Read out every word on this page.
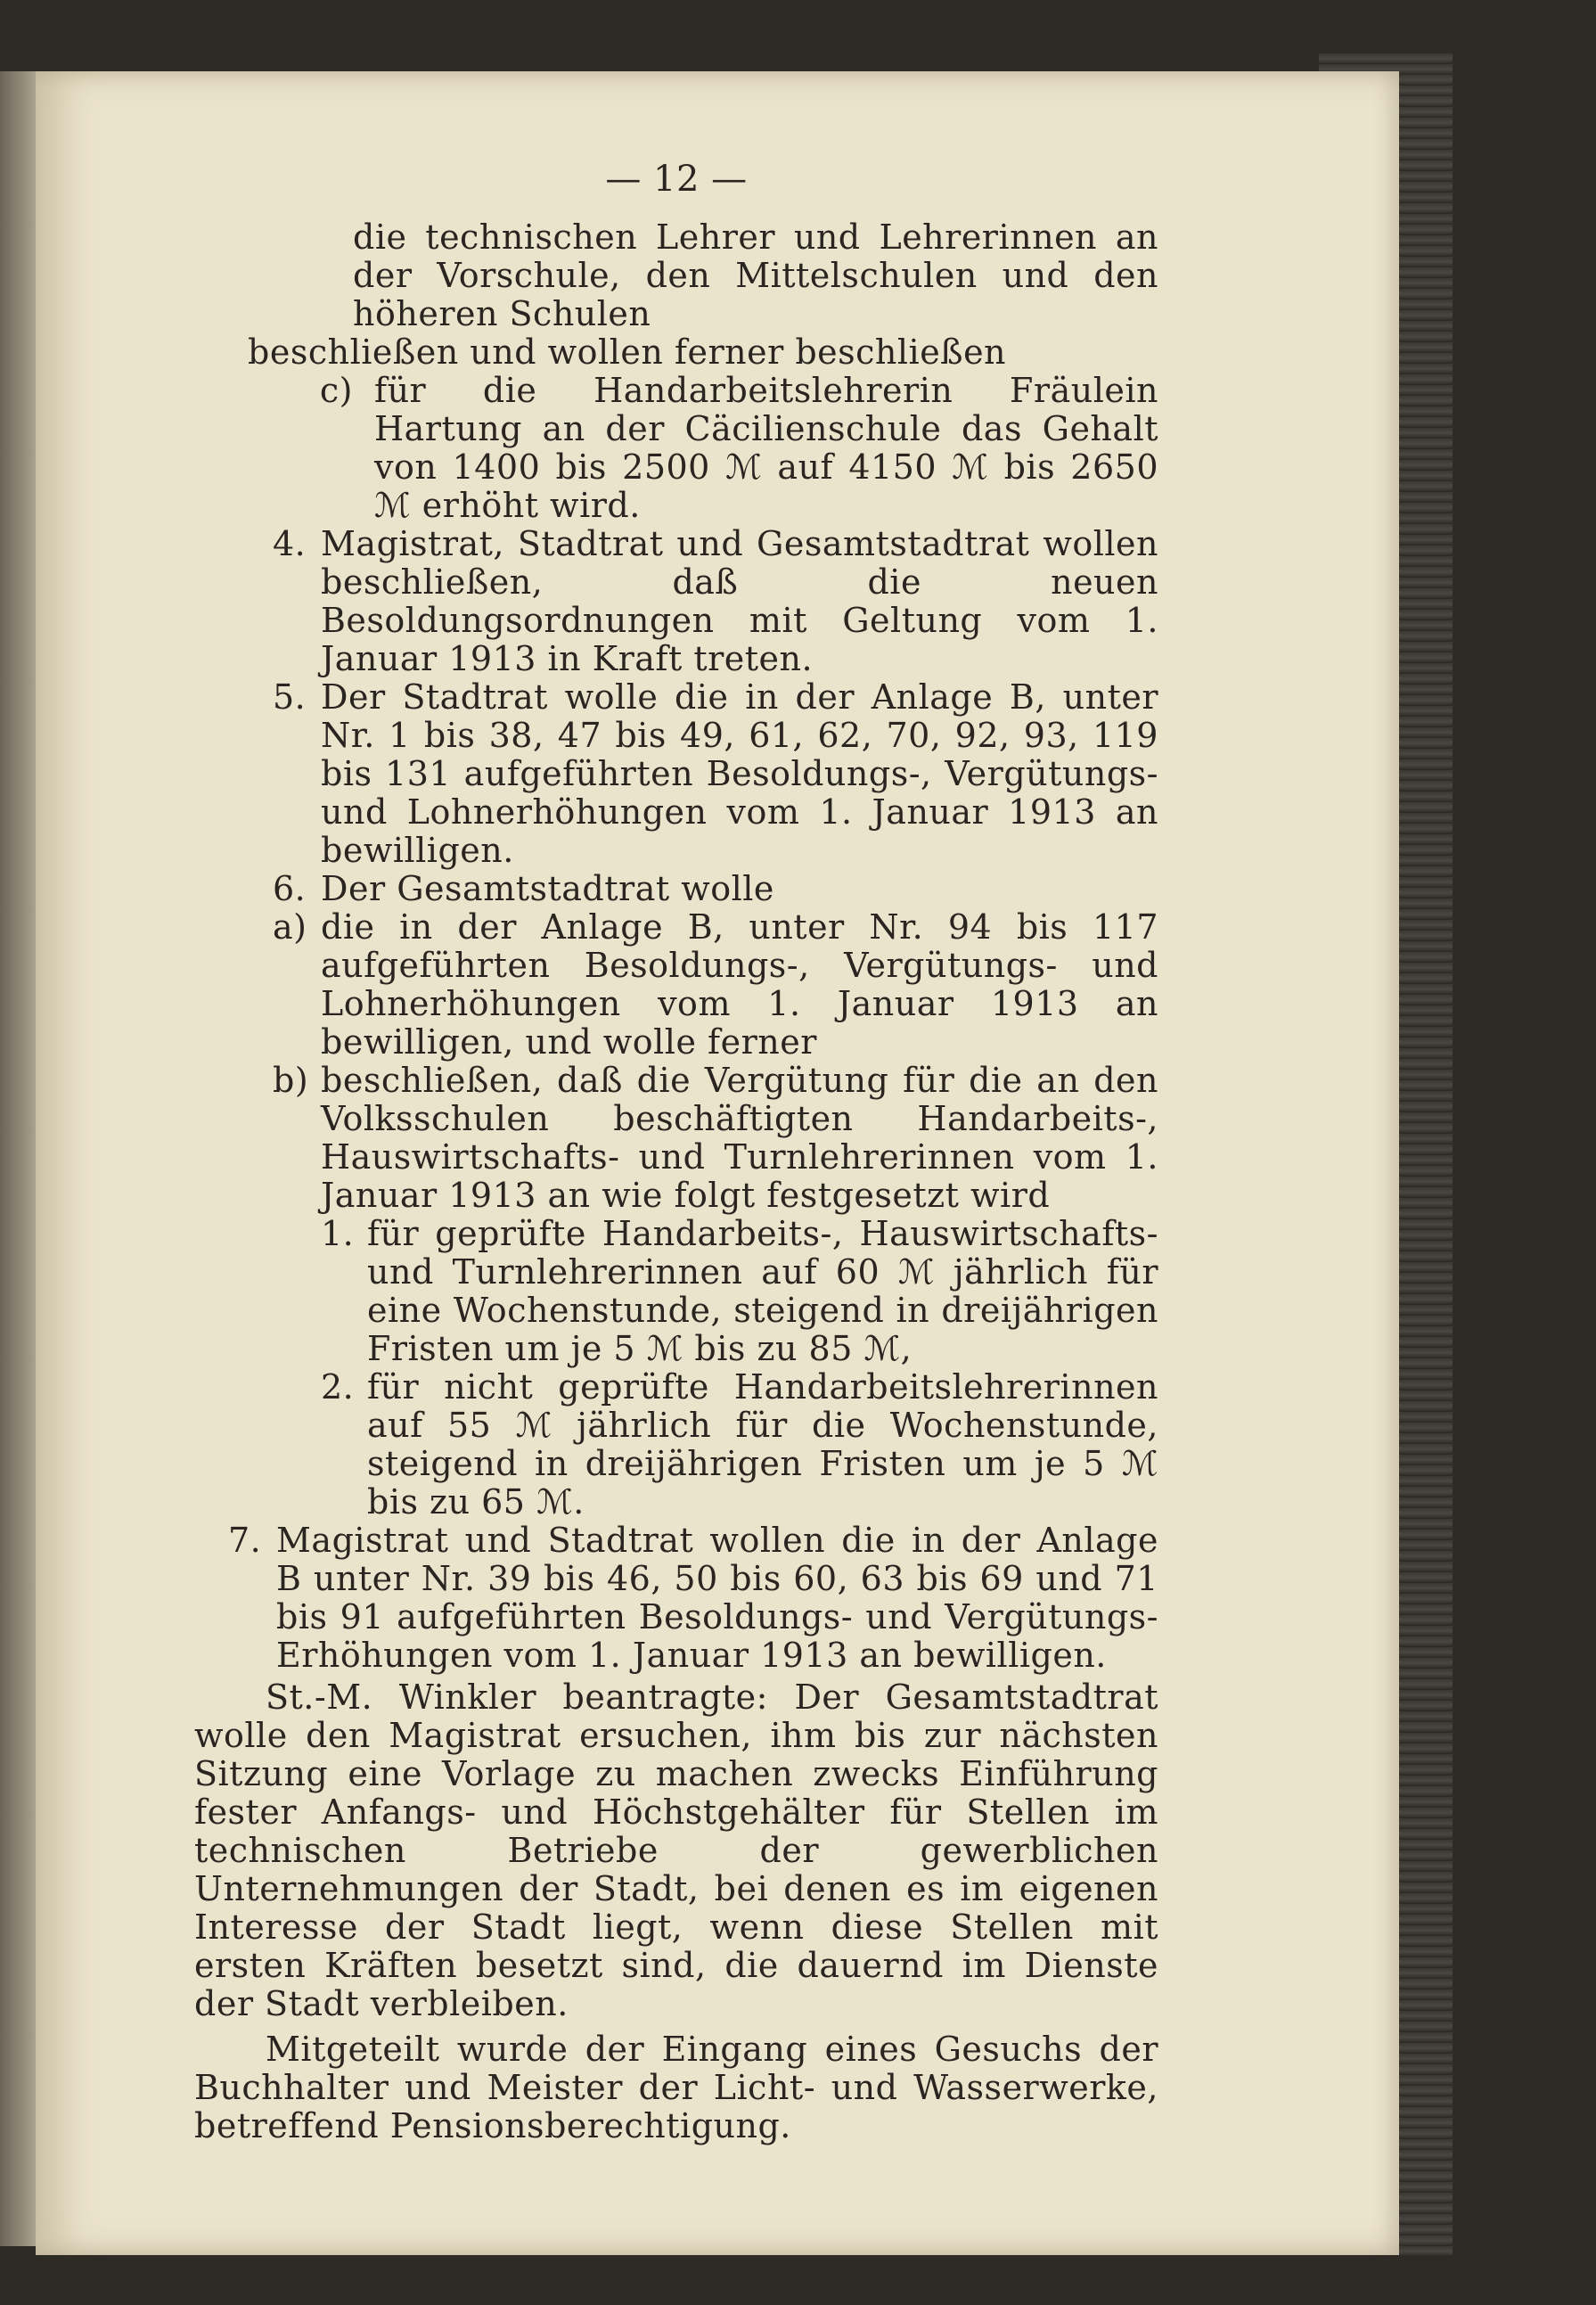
— 12 —

die technischen Lehrer und Lehrerinnen an der Vorschule, den Mittelschulen und den höheren Schulen

beschließen und wollen ferner beschließen

c) für die Handarbeitslehrerin Fräulein Hartung an der Cäcilienschule das Gehalt von 1400 bis 2500 ℳ auf 4150 ℳ bis 2650 ℳ erhöht wird.
4. Magistrat, Stadtrat und Gesamtstadtrat wollen beschließen, daß die neuen Besoldungsordnungen mit Geltung vom 1. Januar 1913 in Kraft treten.
5. Der Stadtrat wolle die in der Anlage B, unter Nr. 1 bis 38, 47 bis 49, 61, 62, 70, 92, 93, 119 bis 131 aufgeführten Besoldungs-, Vergütungs- und Lohnerhöhungen vom 1. Januar 1913 an bewilligen.
6. Der Gesamtstadtrat wolle
a) die in der Anlage B, unter Nr. 94 bis 117 aufgeführten Besoldungs-, Vergütungs- und Lohnerhöhungen vom 1. Januar 1913 an bewilligen, und wolle ferner
b) beschließen, daß die Vergütung für die an den Volksschulen beschäftigten Handarbeits-, Hauswirtschafts- und Turnlehrerinnen vom 1. Januar 1913 an wie folgt festgesetzt wird
1. für geprüfte Handarbeits-, Hauswirtschafts- und Turnlehrerinnen auf 60 ℳ jährlich für eine Wochenstunde, steigend in dreijährigen Fristen um je 5 ℳ bis zu 85 ℳ,
2. für nicht geprüfte Handarbeitslehrerinnen auf 55 ℳ jährlich für die Wochenstunde, steigend in dreijährigen Fristen um je 5 ℳ bis zu 65 ℳ.
7. Magistrat und Stadtrat wollen die in der Anlage B unter Nr. 39 bis 46, 50 bis 60, 63 bis 69 und 71 bis 91 aufgeführten Besoldungs- und Vergütungs-Erhöhungen vom 1. Januar 1913 an bewilligen.

St.-M. Winkler beantragte: Der Gesamtstadtrat wolle den Magistrat ersuchen, ihm bis zur nächsten Sitzung eine Vorlage zu machen zwecks Einführung fester Anfangs- und Höchstgehälter für Stellen im technischen Betriebe der gewerblichen Unternehmungen der Stadt, bei denen es im eigenen Interesse der Stadt liegt, wenn diese Stellen mit ersten Kräften besetzt sind, die dauernd im Dienste der Stadt verbleiben.

Mitgeteilt wurde der Eingang eines Gesuchs der Buchhalter und Meister der Licht- und Wasserwerke, betreffend Pensionsberechtigung.
